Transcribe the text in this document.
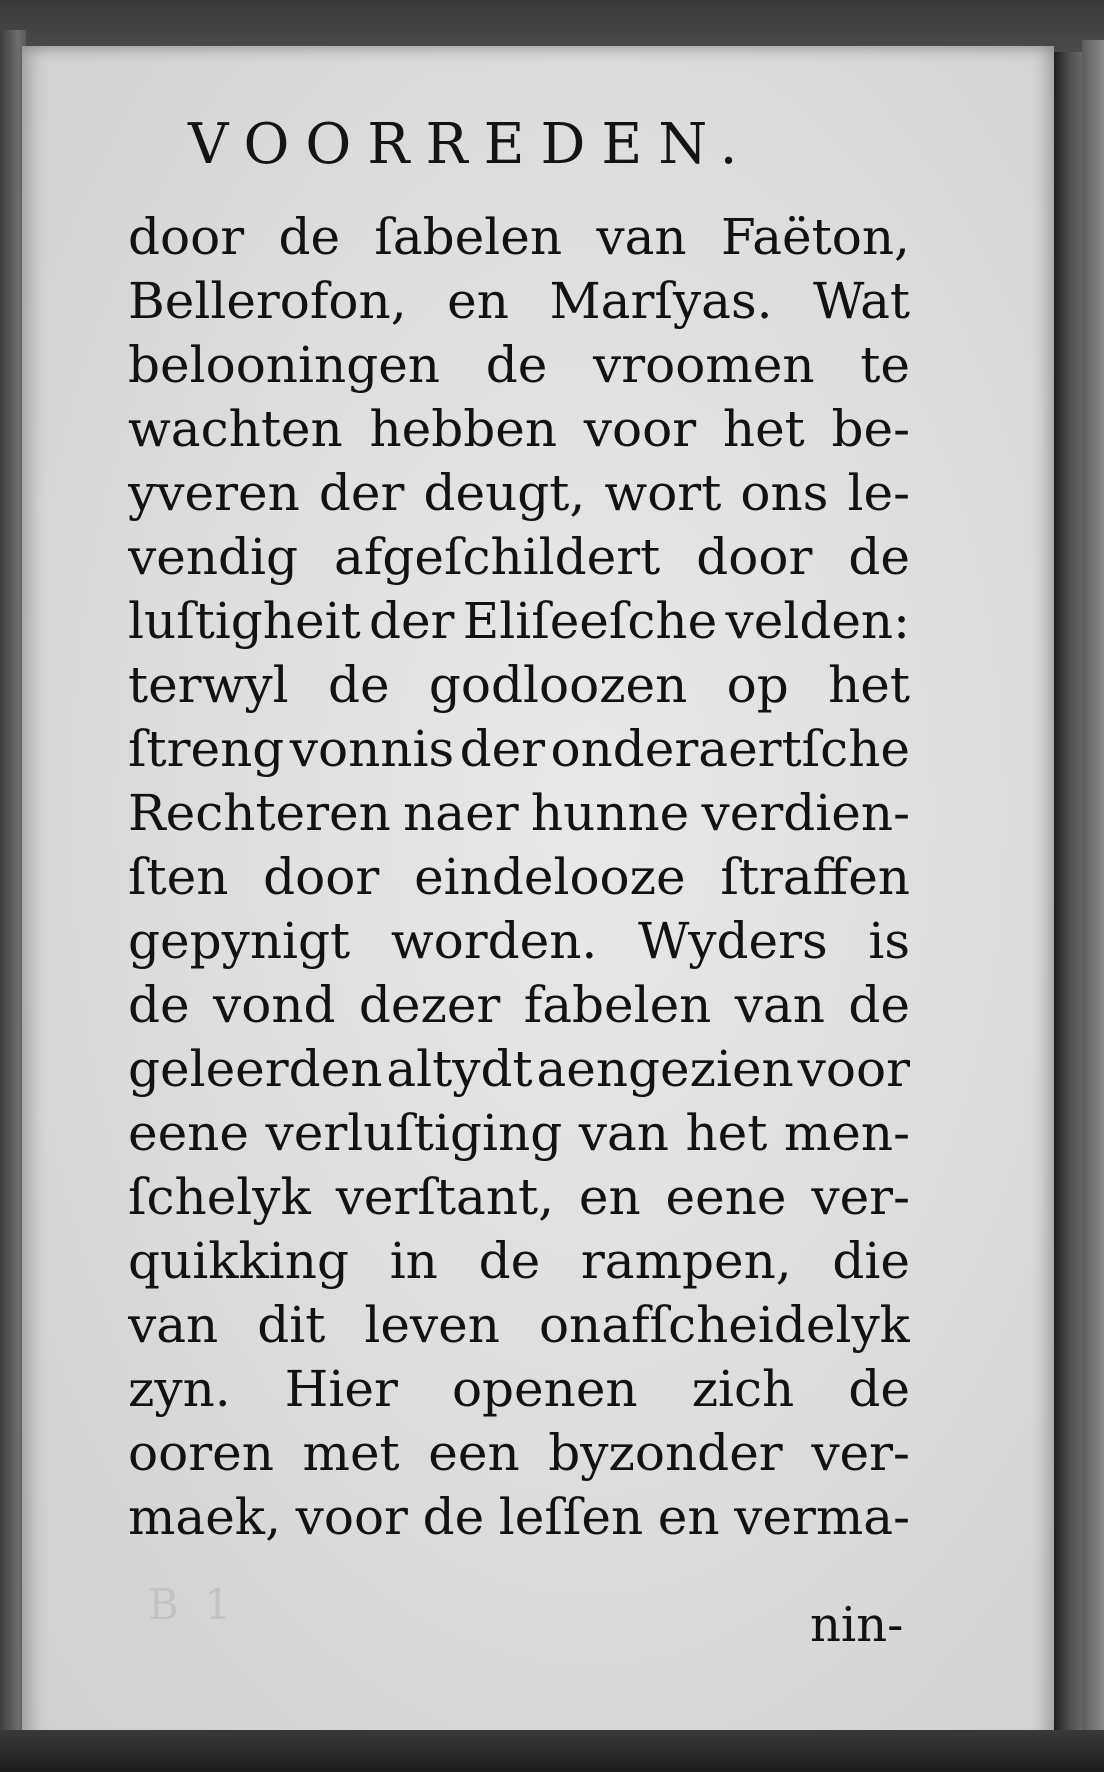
VOORREDEN.
door de ſabelen van Faëton,
Bellerofon, en Marſyas. Wat
belooningen de vroomen te
wachten hebben voor het be-
yveren der deugt, wort ons le-
vendig afgeſchildert door de
luſtigheit der Eliſeeſche velden:
terwyl de godloozen op het
ſtreng vonnis der onderaertſche
Rechteren naer hunne verdien-
ſten door eindelooze ſtraffen
gepynigt worden. Wyders is
de vond dezer fabelen van de
geleerden altydt aengezien voor
eene verluſtiging van het men-
ſchelyk verſtant, en eene ver-
quikking in de rampen, die
van dit leven onafſcheidelyk
zyn. Hier openen zich de
ooren met een byzonder ver-
maek, voor de leſſen en verma-
B 1	nin-
